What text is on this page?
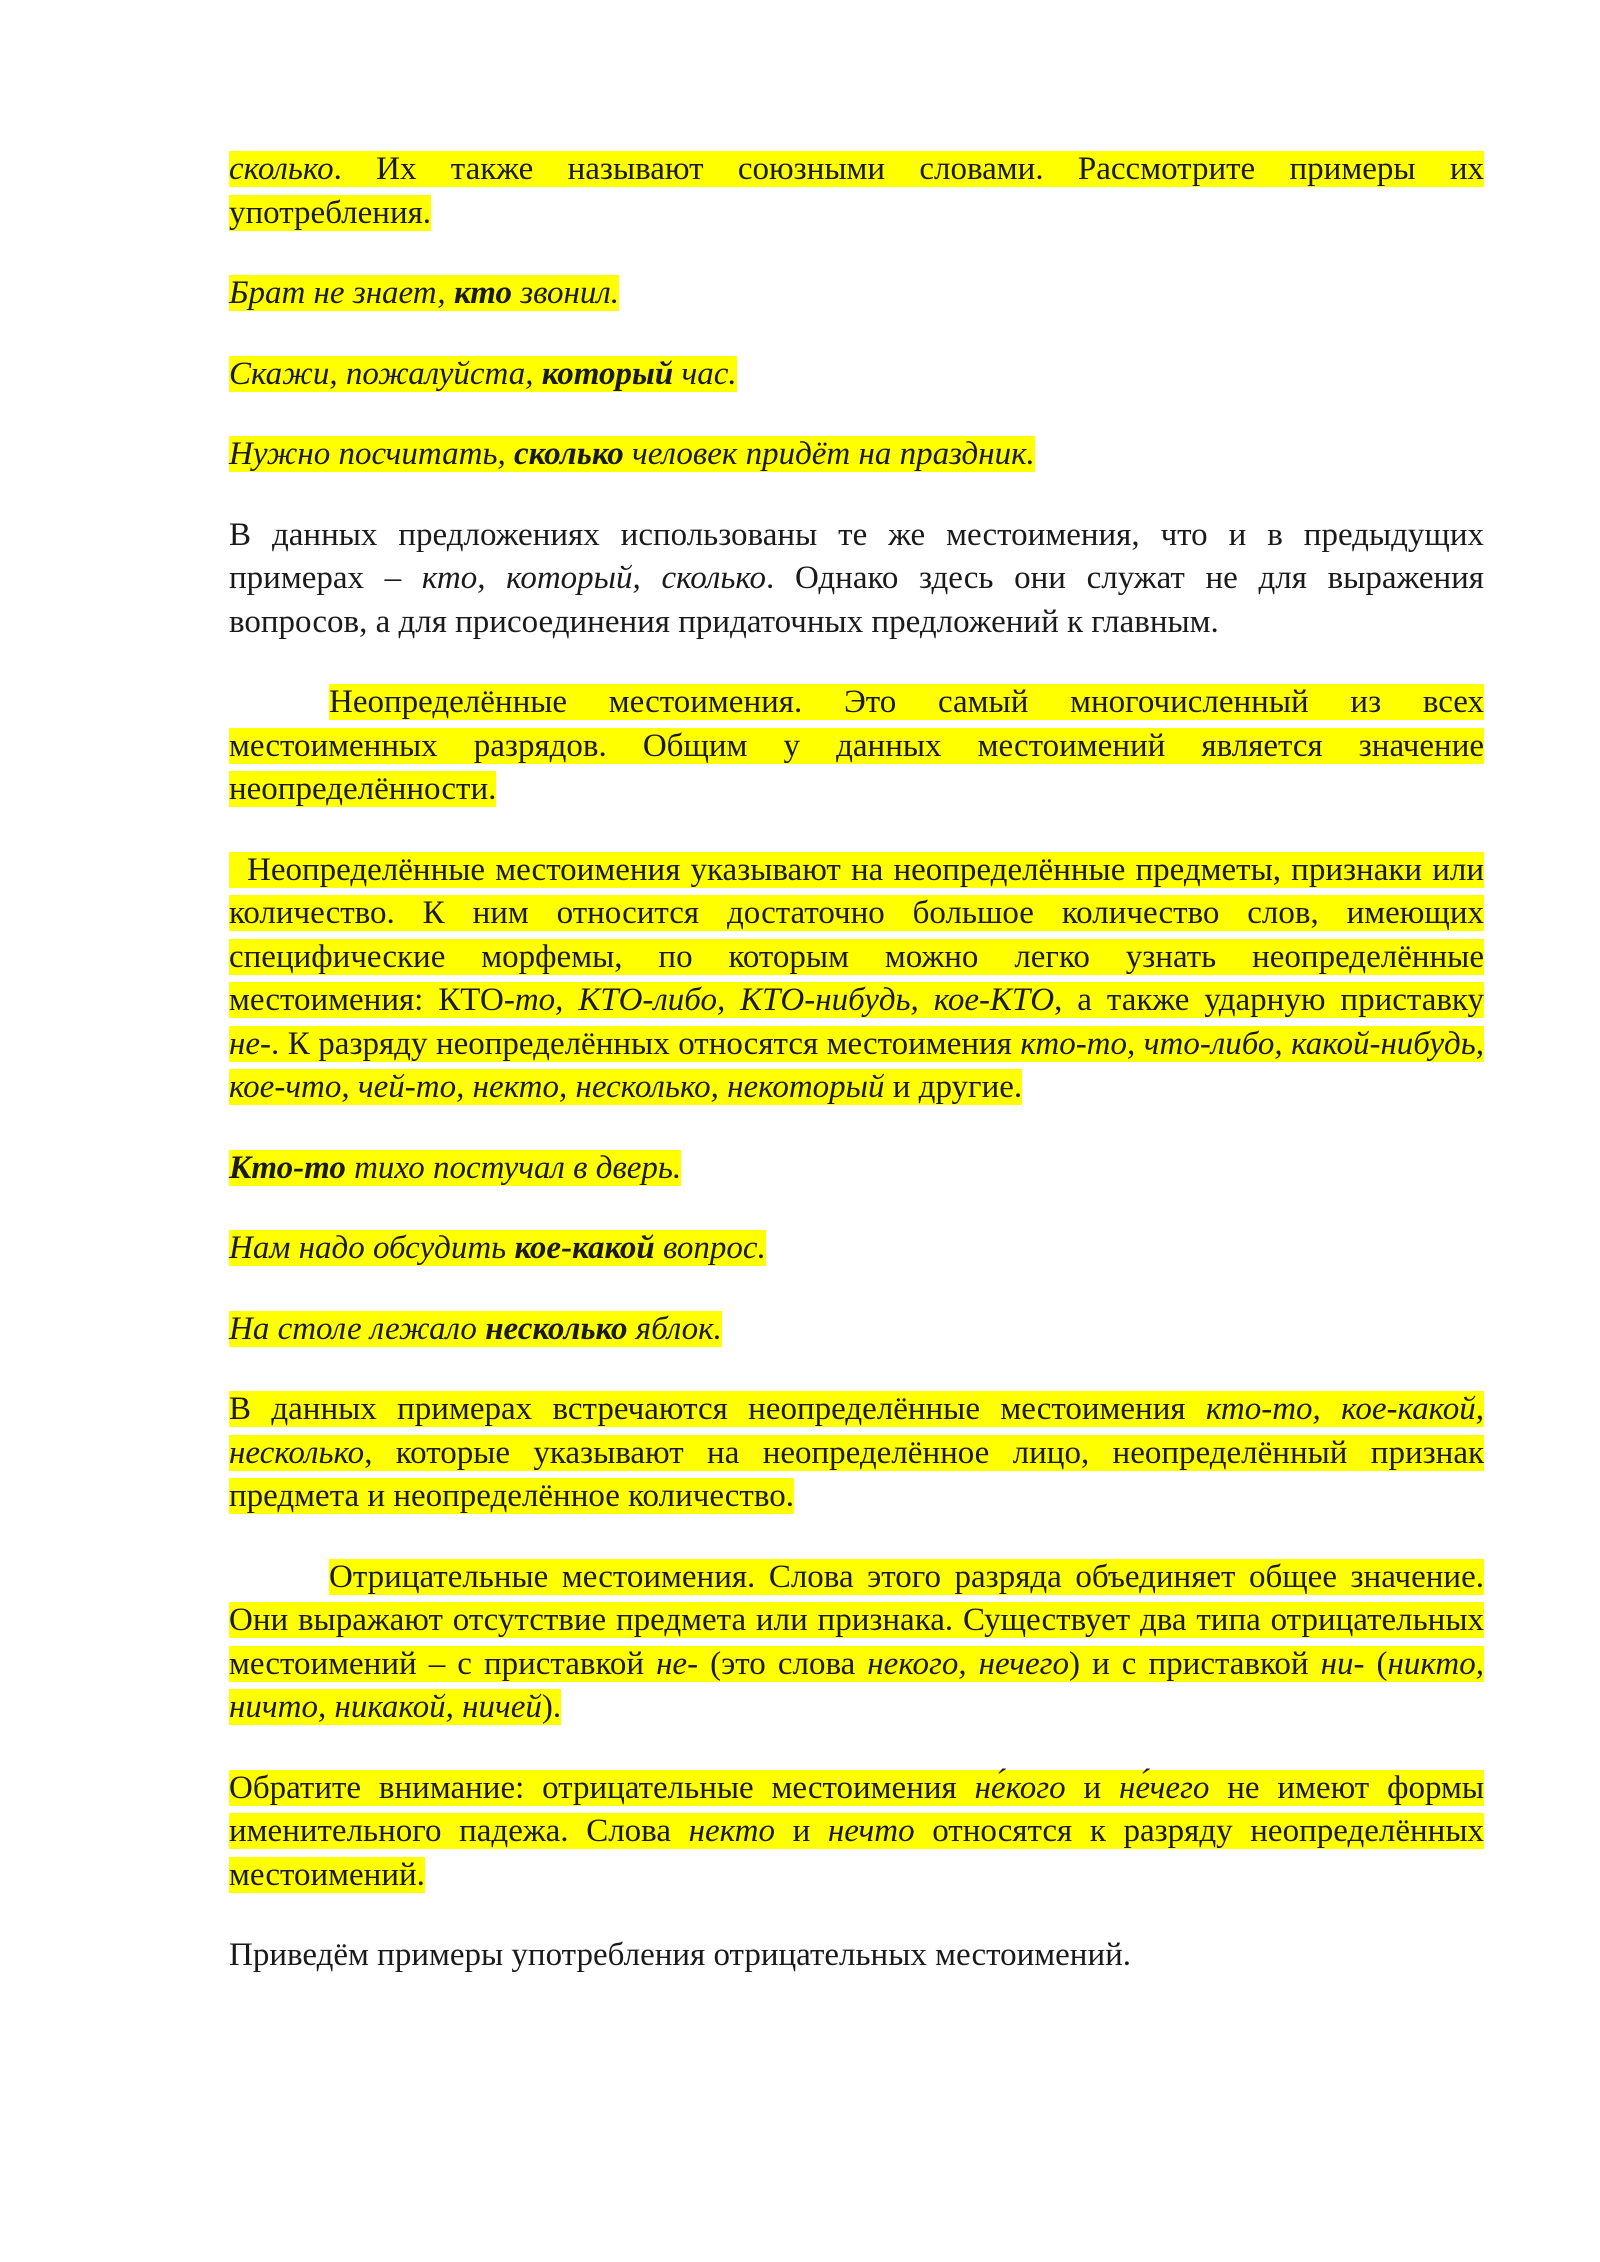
сколько. Их также называют союзными словами. Рассмотрите примеры их употребления.

Брат не знает, кто звонил.

Скажи, пожалуйста, который час.

Нужно посчитать, сколько человек придёт на праздник.

В данных предложениях использованы те же местоимения, что и в предыдущих примерах – кто, который, сколько. Однако здесь они служат не для выражения вопросов, а для присоединения придаточных предложений к главным.

Неопределённые местоимения. Это самый многочисленный из всех местоименных разрядов. Общим у данных местоимений является значение неопределённости.

Неопределённые местоимения указывают на неопределённые предметы, признаки или количество. К ним относится достаточно большое количество слов, имеющих специфические морфемы, по которым можно легко узнать неопределённые местоимения: КТО-то, КТО-либо, КТО-нибудь, кое-КТО, а также ударную приставку не-. К разряду неопределённых относятся местоимения кто-то, что-либо, какой-нибудь, кое-что, чей-то, некто, несколько, некоторый и другие.

Кто-то тихо постучал в дверь.

Нам надо обсудить кое-какой вопрос.

На столе лежало несколько яблок.

В данных примерах встречаются неопределённые местоимения кто-то, кое-какой, несколько, которые указывают на неопределённое лицо, неопределённый признак предмета и неопределённое количество.

Отрицательные местоимения. Слова этого разряда объединяет общее значение. Они выражают отсутствие предмета или признака. Существует два типа отрицательных местоимений – с приставкой не- (это слова некого, нечего) и с приставкой ни- (никто, ничто, никакой, ничей).

Обратите внимание: отрицательные местоимения не́кого и не́чего не имеют формы именительного падежа. Слова некто и нечто относятся к разряду неопределённых местоимений.

Приведём примеры употребления отрицательных местоимений.
